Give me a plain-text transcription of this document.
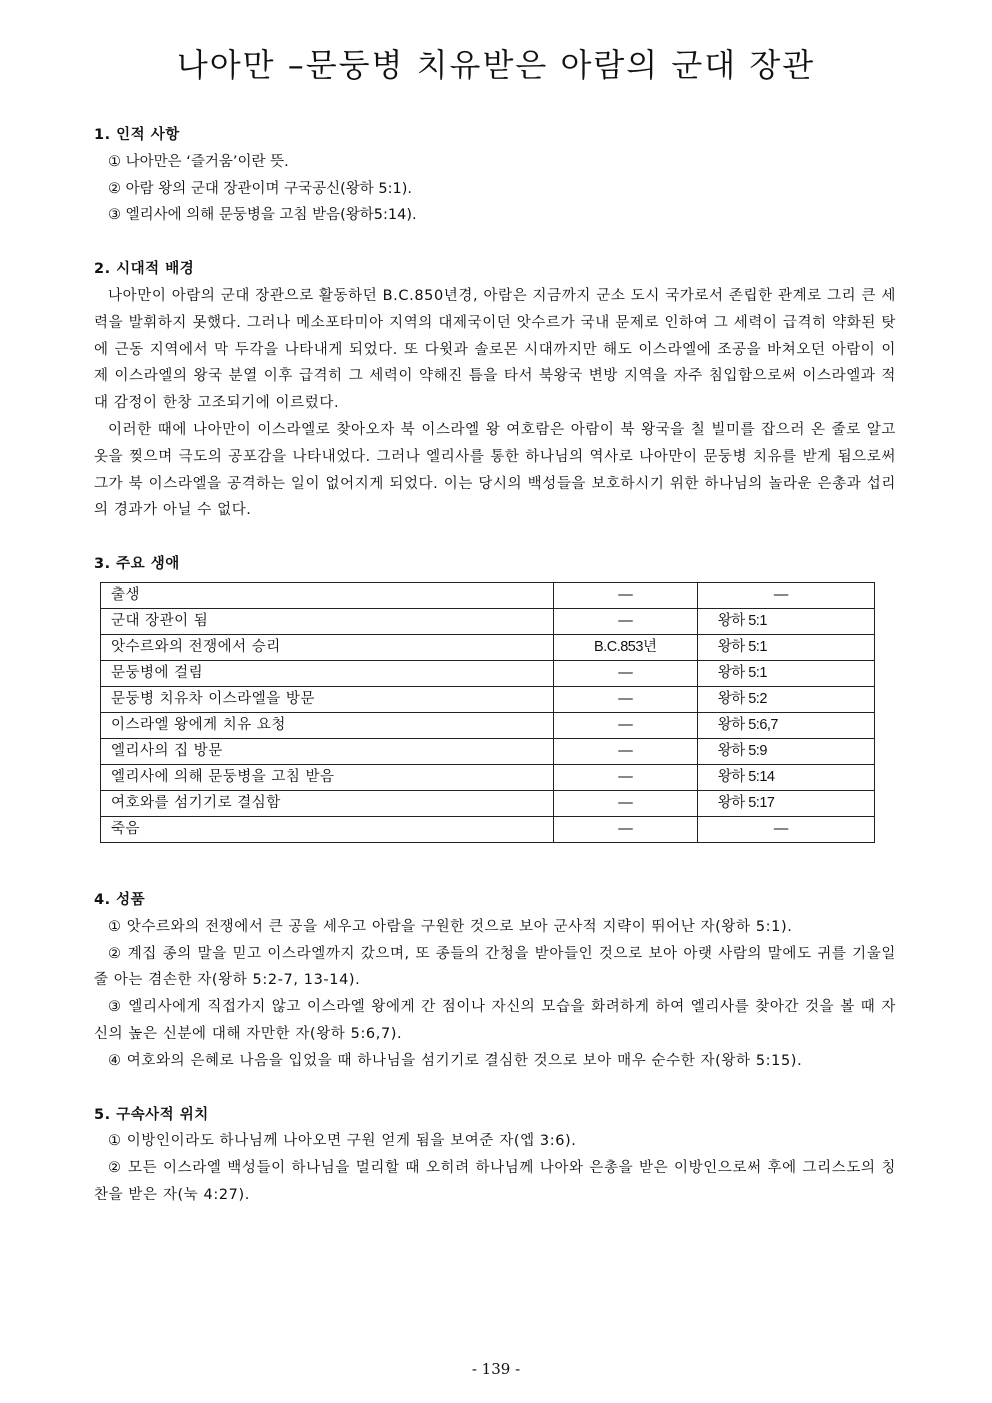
나아만 –문둥병 치유받은 아람의 군대 장관
1. 인적 사항
① 나아만은 ‘즐거움’이란 뜻.
② 아람 왕의 군대 장관이며 구국공신(왕하 5:1).
③ 엘리사에 의해 문둥병을 고침 받음(왕하5:14).
2. 시대적 배경

나아만이 아람의 군대 장관으로 활동하던 B.C.850년경, 아람은 지금까지 군소 도시 국가로서 존립한 관계로 그리 큰 세력을 발휘하지 못했다. 그러나 메소포타미아 지역의 대제국이던 앗수르가 국내 문제로 인하여 그 세력이 급격히 약화된 탓에 근동 지역에서 막 두각을 나타내게 되었다. 또 다윗과 솔로몬 시대까지만 해도 이스라엘에 조공을 바쳐오던 아람이 이제 이스라엘의 왕국 분열 이후 급격히 그 세력이 약해진 틈을 타서 북왕국 변방 지역을 자주 침입함으로써 이스라엘과 적대 감정이 한창 고조되기에 이르렀다.

이러한 때에 나아만이 이스라엘로 찾아오자 북 이스라엘 왕 여호람은 아람이 북 왕국을 칠 빌미를 잡으러 온 줄로 알고 옷을 찢으며 극도의 공포감을 나타내었다. 그러나 엘리사를 통한 하나님의 역사로 나아만이 문둥병 치유를 받게 됨으로써 그가 북 이스라엘을 공격하는 일이 없어지게 되었다. 이는 당시의 백성들을 보호하시기 위한 하나님의 놀라운 은총과 섭리의 경과가 아닐 수 없다.

3. 주요 생애
출생	—	—
군대 장관이 됨	—	왕하 5:1
앗수르와의 전쟁에서 승리	B.C.853년	왕하 5:1
문둥병에 걸림	—	왕하 5:1
문둥병 치유차 이스라엘을 방문	—	왕하 5:2
이스라엘 왕에게 치유 요청	—	왕하 5:6,7
엘리사의 집 방문	—	왕하 5:9
엘리사에 의해 문둥병을 고침 받음	—	왕하 5:14
여호와를 섬기기로 결심함	—	왕하 5:17
죽음	—	—
4. 성품

① 앗수르와의 전쟁에서 큰 공을 세우고 아람을 구원한 것으로 보아 군사적 지략이 뛰어난 자(왕하 5:1).

② 계집 종의 말을 믿고 이스라엘까지 갔으며, 또 종들의 간청을 받아들인 것으로 보아 아랫 사람의 말에도 귀를 기울일 줄 아는 겸손한 자(왕하 5:2-7, 13-14).

③ 엘리사에게 직접가지 않고 이스라엘 왕에게 간 점이나 자신의 모습을 화려하게 하여 엘리사를 찾아간 것을 볼 때 자신의 높은 신분에 대해 자만한 자(왕하 5:6,7).

④ 여호와의 은혜로 나음을 입었을 때 하나님을 섬기기로 결심한 것으로 보아 매우 순수한 자(왕하 5:15).

5. 구속사적 위치

① 이방인이라도 하나님께 나아오면 구원 얻게 됨을 보여준 자(엡 3:6).

② 모든 이스라엘 백성들이 하나님을 멀리할 때 오히려 하나님께 나아와 은총을 받은 이방인으로써 후에 그리스도의 칭찬을 받은 자(눅 4:27).

- 139 -
